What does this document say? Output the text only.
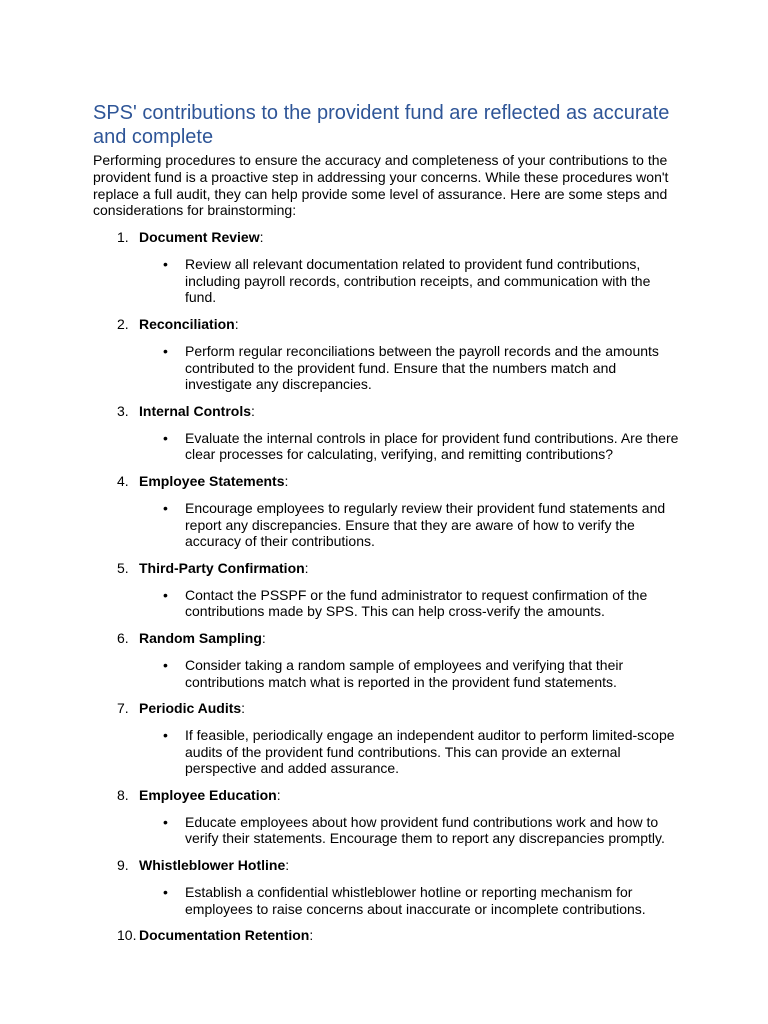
SPS' contributions to the provident fund are reflected as accurate and complete

Performing procedures to ensure the accuracy and completeness of your contributions to the provident fund is a proactive step in addressing your concerns. While these procedures won't replace a full audit, they can help provide some level of assurance. Here are some steps and considerations for brainstorming:

1. Document Review:
• Review all relevant documentation related to provident fund contributions, including payroll records, contribution receipts, and communication with the fund.
2. Reconciliation:
• Perform regular reconciliations between the payroll records and the amounts contributed to the provident fund. Ensure that the numbers match and investigate any discrepancies.
3. Internal Controls:
• Evaluate the internal controls in place for provident fund contributions. Are there clear processes for calculating, verifying, and remitting contributions?
4. Employee Statements:
• Encourage employees to regularly review their provident fund statements and report any discrepancies. Ensure that they are aware of how to verify the accuracy of their contributions.
5. Third-Party Confirmation:
• Contact the PSSPF or the fund administrator to request confirmation of the contributions made by SPS. This can help cross-verify the amounts.
6. Random Sampling:
• Consider taking a random sample of employees and verifying that their contributions match what is reported in the provident fund statements.
7. Periodic Audits:
• If feasible, periodically engage an independent auditor to perform limited-scope audits of the provident fund contributions. This can provide an external perspective and added assurance.
8. Employee Education:
• Educate employees about how provident fund contributions work and how to verify their statements. Encourage them to report any discrepancies promptly.
9. Whistleblower Hotline:
• Establish a confidential whistleblower hotline or reporting mechanism for employees to raise concerns about inaccurate or incomplete contributions.
10. Documentation Retention:
